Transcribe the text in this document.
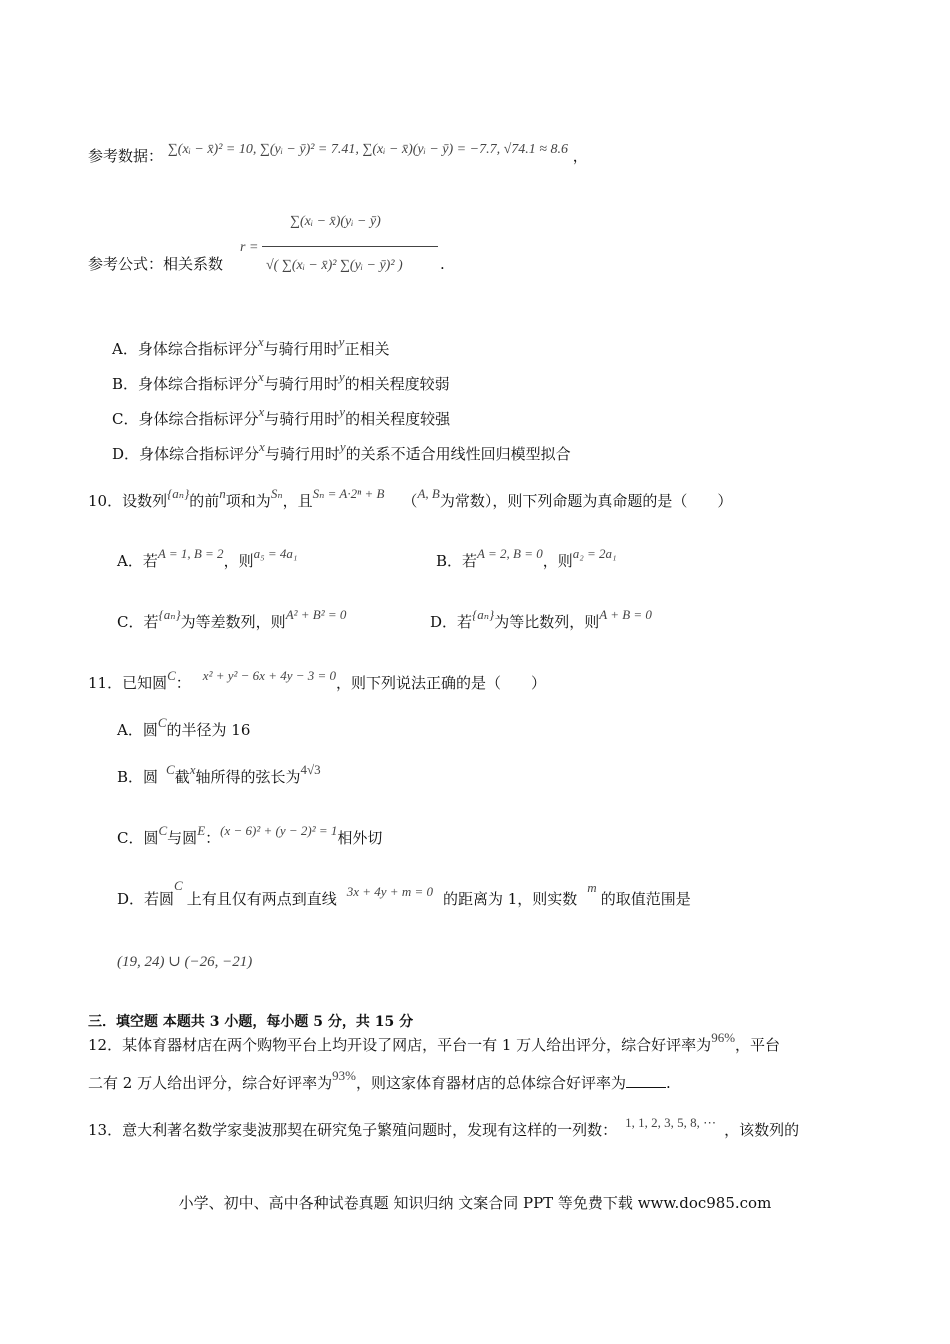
参考数据： ∑(xᵢ − x̄)² = 10, ∑(yᵢ − ȳ)² = 7.41, ∑(xᵢ − x̄)(yᵢ − ȳ) = −7.7, √74.1 ≈ 8.6 ，
参考公式：相关系数
r =
∑(xᵢ − x̄)(yᵢ − ȳ)
√( ∑(xᵢ − x̄)² ∑(yᵢ − ȳ)² ) .
A．身体综合指标评分x与骑行用时y正相关
B．身体综合指标评分x与骑行用时y的相关程度较弱
C．身体综合指标评分x与骑行用时y的相关程度较强
D．身体综合指标评分x与骑行用时y的关系不适合用线性回归模型拟合
10．设数列{aₙ}的前n项和为Sₙ，且Sₙ = A·2ⁿ + B （A, B为常数），则下列命题为真命题的是（　　）
A．若A = 1, B = 2，则a₅ = 4a₁	B．若A = 2, B = 0，则a₂ = 2a₁
C．若{aₙ}为等差数列，则A² + B² = 0	D．若{aₙ}为等比数列，则A + B = 0
11．已知圆C： x² + y² − 6x + 4y − 3 = 0，则下列说法正确的是（　　）
A．圆C的半径为 16
B．圆 C截x轴所得的弦长为4√3
C．圆C与圆E：(x − 6)² + (y − 2)² = 1相外切
D．若圆C上有且仅有两点到直线 3x + 4y + m = 0 的距离为 1，则实数m的取值范围是
(19, 24) ∪ (−26, −21)
三．填空题 本题共 3 小题，每小题 5 分，共 15 分
12．某体育器材店在两个购物平台上均开设了网店，平台一有 1 万人给出评分，综合好评率为96%，平台
二有 2 万人给出评分，综合好评率为93%，则这家体育器材店的总体综合好评率为	.
13．意大利著名数学家斐波那契在研究兔子繁殖问题时，发现有这样的一列数： 1, 1, 2, 3, 5, 8, ⋯ ，该数列的
小学、初中、高中各种试卷真题 知识归纳 文案合同 PPT 等免费下载 www.doc985.com
